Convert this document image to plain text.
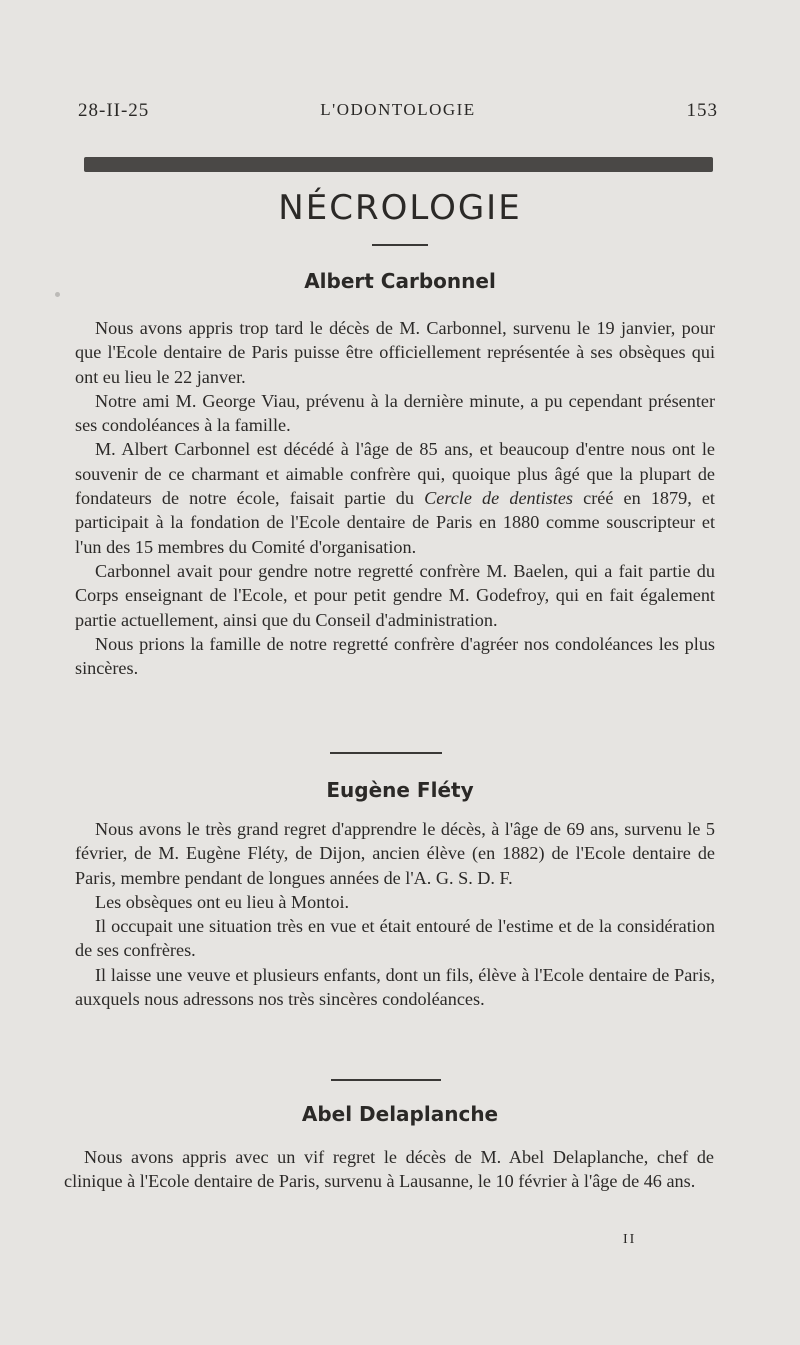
28-II-25	L'ODONTOLOGIE	153
NÉCROLOGIE
Albert Carbonnel

Nous avons appris trop tard le décès de M. Carbonnel, survenu le 19 janvier, pour que l'Ecole dentaire de Paris puisse être officiellement représentée à ses obsèques qui ont eu lieu le 22 janver.

Notre ami M. George Viau, prévenu à la dernière minute, a pu cependant présenter ses condoléances à la famille.

M. Albert Carbonnel est décédé à l'âge de 85 ans, et beaucoup d'entre nous ont le souvenir de ce charmant et aimable confrère qui, quoique plus âgé que la plupart de fondateurs de notre école, faisait partie du Cercle de dentistes créé en 1879, et participait à la fondation de l'Ecole dentaire de Paris en 1880 comme souscripteur et l'un des 15 membres du Comité d'organisation.

Carbonnel avait pour gendre notre regretté confrère M. Baelen, qui a fait partie du Corps enseignant de l'Ecole, et pour petit gendre M. Godefroy, qui en fait également partie actuellement, ainsi que du Conseil d'administration.

Nous prions la famille de notre regretté confrère d'agréer nos condoléances les plus sincères.

Eugène Fléty

Nous avons le très grand regret d'apprendre le décès, à l'âge de 69 ans, survenu le 5 février, de M. Eugène Fléty, de Dijon, ancien élève (en 1882) de l'Ecole dentaire de Paris, membre pendant de longues années de l'A. G. S. D. F.

Les obsèques ont eu lieu à Montoi.

Il occupait une situation très en vue et était entouré de l'estime et de la considération de ses confrères.

Il laisse une veuve et plusieurs enfants, dont un fils, élève à l'Ecole dentaire de Paris, auxquels nous adressons nos très sincères condoléances.

Abel Delaplanche

Nous avons appris avec un vif regret le décès de M. Abel Delaplanche, chef de clinique à l'Ecole dentaire de Paris, survenu à Lausanne, le 10 février à l'âge de 46 ans.

II
